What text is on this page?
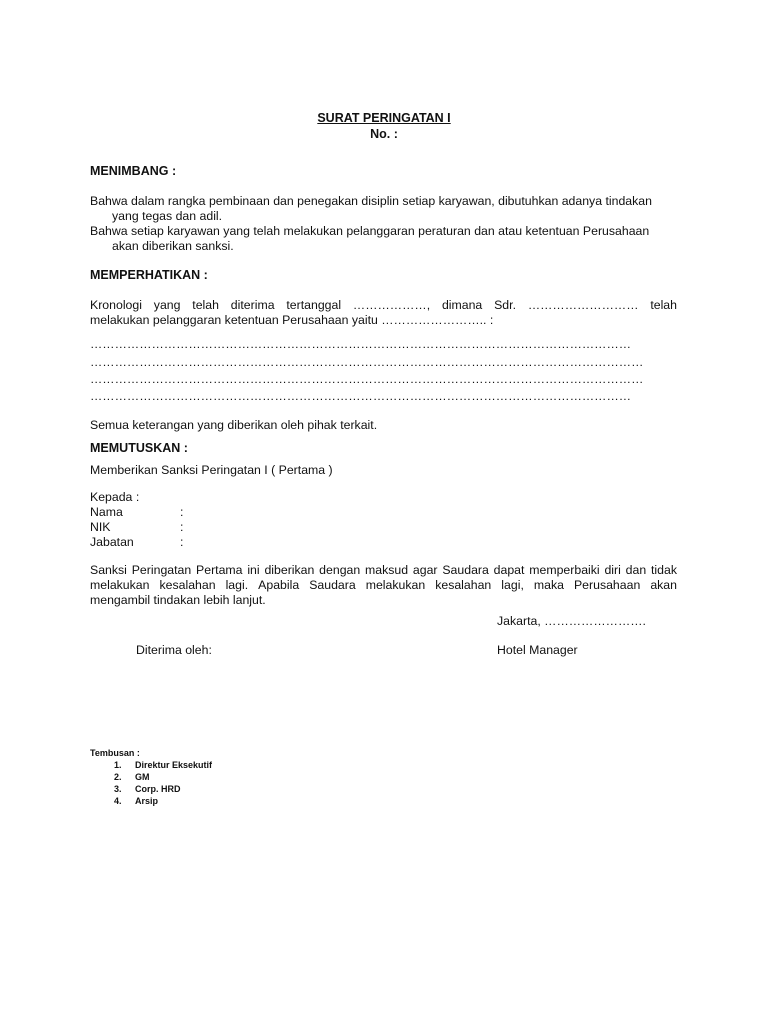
SURAT PERINGATAN I
No. :
MENIMBANG :
Bahwa dalam rangka pembinaan dan penegakan disiplin setiap karyawan, dibutuhkan adanya tindakan
yang tegas dan adil.
Bahwa setiap karyawan yang telah melakukan pelanggaran peraturan dan atau ketentuan Perusahaan
akan diberikan sanksi.
MEMPERHATIKAN :
Kronologi yang telah diterima tertanggal ………………, dimana Sdr. ……………………… telah
melakukan pelanggaran ketentuan Perusahaan yaitu …………………….. :
……………………………………………………………………………………………………………………
………………………………………………………………………………………………………………………
………………………………………………………………………………………………………………………
……………………………………………………………………………………………………………………
Semua keterangan yang diberikan oleh pihak terkait.
MEMUTUSKAN :
Memberikan Sanksi Peringatan I ( Pertama )
Kepada :
Nama	:
NIK	:
Jabatan	:
Sanksi Peringatan Pertama ini diberikan dengan maksud agar Saudara dapat memperbaiki diri dan tidak
melakukan kesalahan lagi. Apabila Saudara melakukan kesalahan lagi, maka Perusahaan akan
mengambil tindakan lebih lanjut.
Jakarta, …………………….
Diterima oleh:	Hotel Manager
Tembusan :
1. Direktur Eksekutif
2. GM
3. Corp. HRD
4. Arsip
